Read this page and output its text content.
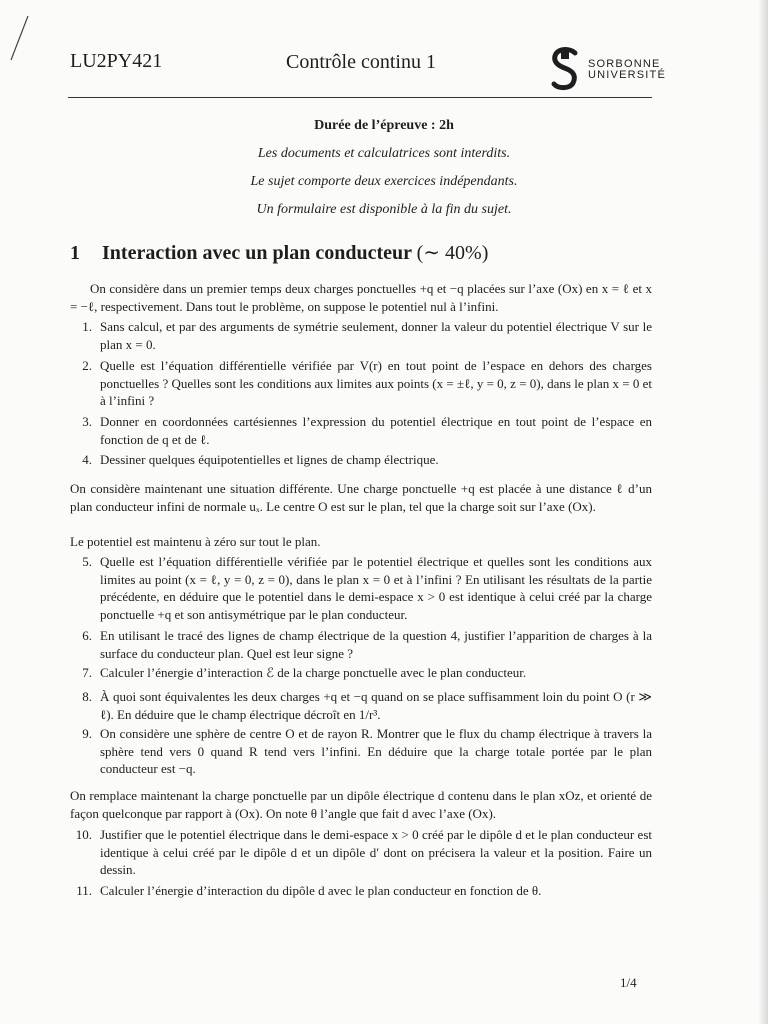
LU2PY421	Contrôle continu 1	SORBONNE
UNIVERSITÉ
Durée de l’épreuve : 2h
Les documents et calculatrices sont interdits.
Le sujet comporte deux exercices indépendants.
Un formulaire est disponible à la fin du sujet.
1 Interaction avec un plan conducteur (∼ 40%)
On considère dans un premier temps deux charges ponctuelles +q et −q placées sur l’axe (Ox) en x = ℓ et x = −ℓ, respectivement. Dans tout le problème, on suppose le potentiel nul à l’infini.
1. Sans calcul, et par des arguments de symétrie seulement, donner la valeur du potentiel électrique V sur le plan x = 0.
2. Quelle est l’équation différentielle vérifiée par V(r) en tout point de l’espace en dehors des charges ponctuelles ? Quelles sont les conditions aux limites aux points (x = ±ℓ, y = 0, z = 0), dans le plan x = 0 et à l’infini ?
3. Donner en coordonnées cartésiennes l’expression du potentiel électrique en tout point de l’espace en fonction de q et de ℓ.
4. Dessiner quelques équipotentielles et lignes de champ électrique.
On considère maintenant une situation différente. Une charge ponctuelle +q est placée à une distance ℓ d’un plan conducteur infini de normale uₓ. Le centre O est sur le plan, tel que la charge soit sur l’axe (Ox).
Le potentiel est maintenu à zéro sur tout le plan.
5. Quelle est l’équation différentielle vérifiée par le potentiel électrique et quelles sont les conditions aux limites au point (x = ℓ, y = 0, z = 0), dans le plan x = 0 et à l’infini ? En utilisant les résultats de la partie précédente, en déduire que le potentiel dans le demi-espace x > 0 est identique à celui créé par la charge ponctuelle +q et son antisymétrique par le plan conducteur.
6. En utilisant le tracé des lignes de champ électrique de la question 4, justifier l’apparition de charges à la surface du conducteur plan. Quel est leur signe ?
7. Calculer l’énergie d’interaction ℰ de la charge ponctuelle avec le plan conducteur.
8. À quoi sont équivalentes les deux charges +q et −q quand on se place suffisamment loin du point O (r ≫ ℓ). En déduire que le champ électrique décroît en 1/r³.
9. On considère une sphère de centre O et de rayon R. Montrer que le flux du champ électrique à travers la sphère tend vers 0 quand R tend vers l’infini. En déduire que la charge totale portée par le plan conducteur est −q.
On remplace maintenant la charge ponctuelle par un dipôle électrique d contenu dans le plan xOz, et orienté de façon quelconque par rapport à (Ox). On note θ l’angle que fait d avec l’axe (Ox).
10. Justifier que le potentiel électrique dans le demi-espace x > 0 créé par le dipôle d et le plan conducteur est identique à celui créé par le dipôle d et un dipôle d′ dont on précisera la valeur et la position. Faire un dessin.
11. Calculer l’énergie d’interaction du dipôle d avec le plan conducteur en fonction de θ.
1/4
